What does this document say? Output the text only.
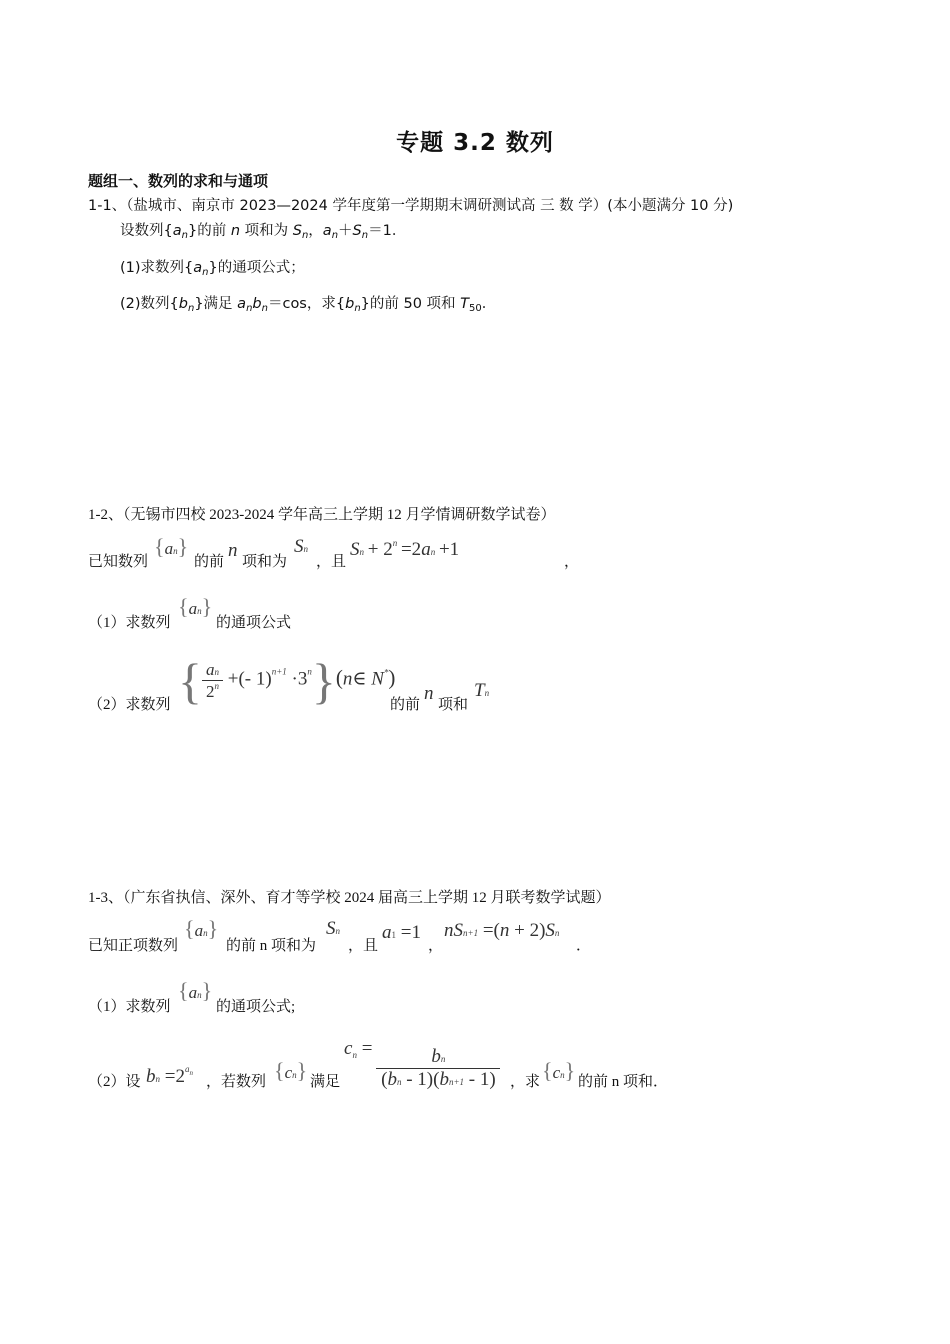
专题 3.2 数列
题组一、数列的求和与通项
1-1、（盐城市、南京市 2023—2024 学年度第一学期期末调研测试高 三 数 学）(本小题满分 10 分)
设数列$\{a_n\}$的前 n 项和为 $S_n$，$a_n+S_n=1$．
(1)求数列$\{a_n\}$的通项公式；
(2)数列$\{b_n\}$满足 $a_nb_n=\cos$，求$\{b_n\}$的前 50 项和 $T_{50}$．
1-2、（无锡市四校 2023-2024 学年高三上学期 12 月学情调研数学试卷）
已知数列
{an}
的前
n
项和为
Sn
，且
$Sn + 2^n =2an +1$
，
（1）求数列
{an}
的通项公式
（2）求数列 { $\frac{an}{2^n}$ +(- $1)^{n+1} \cdot 3^n\}(n\in$ N*)
的前
n
项和
Tn
1-3、（广东省执信、深外、育才等学校 2024 届高三上学期 12 月联考数学试题）
已知正项数列
{an}
的前 n 项和为
Sn
，且
a1 =1
，
nSn+1 =(n + 2)Sn
．
（1）求数列
{an}
的通项公式;
（2）设 bn $=2^{a_n}$
，若数列 {cn} 满足
$c^n = \frac{bn}{(bn - 1)(bn+1 - 1)}$ ，求 {cn} 的前 n 项和．
